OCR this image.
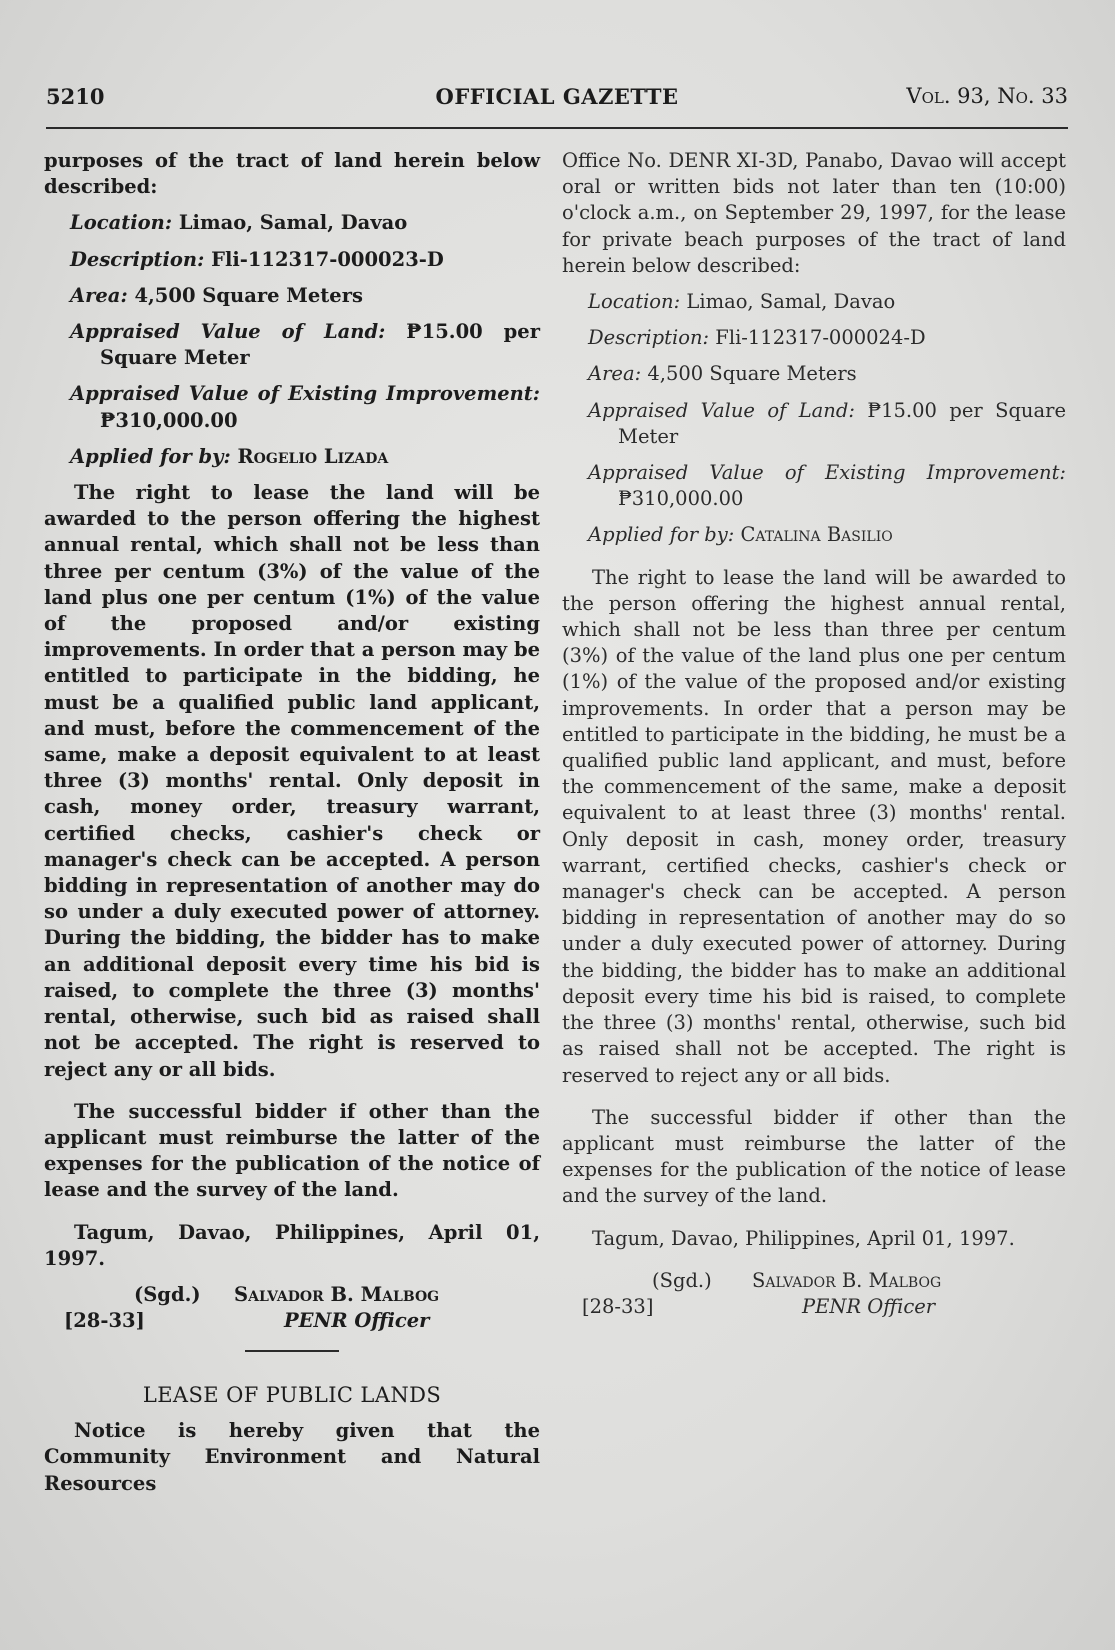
5210	OFFICIAL GAZETTE	Vol. 93, No. 33

purposes of the tract of land herein below described:

Location: Limao, Samal, Davao

Description: Fli-112317-000023-D

Area: 4,500 Square Meters

Appraised Value of Land: ₱15.00 per Square Meter

Appraised Value of Existing Improvement: ₱310,000.00

Applied for by: Rogelio Lizada

The right to lease the land will be awarded to the person offering the highest annual rental, which shall not be less than three per centum (3%) of the value of the land plus one per centum (1%) of the value of the proposed and/or existing improvements. In order that a person may be entitled to participate in the bidding, he must be a qualified public land applicant, and must, before the commencement of the same, make a deposit equivalent to at least three (3) months' rental. Only deposit in cash, money order, treasury warrant, certified checks, cashier's check or manager's check can be accepted. A person bidding in representation of another may do so under a duly executed power of attorney. During the bidding, the bidder has to make an additional deposit every time his bid is raised, to complete the three (3) months' rental, otherwise, such bid as raised shall not be accepted. The right is reserved to reject any or all bids.

The successful bidder if other than the applicant must reimburse the latter of the expenses for the publication of the notice of lease and the survey of the land.

Tagum, Davao, Philippines, April 01, 1997.

(Sgd.) Salvador B. Malbog
[28-33]	PENR Officer
LEASE OF PUBLIC LANDS

Notice is hereby given that the Community Environment and Natural Resources

Office No. DENR XI-3D, Panabo, Davao will accept oral or written bids not later than ten (10:00) o'clock a.m., on September 29, 1997, for the lease for private beach purposes of the tract of land herein below described:

Location: Limao, Samal, Davao

Description: Fli-112317-000024-D

Area: 4,500 Square Meters

Appraised Value of Land: ₱15.00 per Square Meter

Appraised Value of Existing Improvement: ₱310,000.00

Applied for by: Catalina Basilio

The right to lease the land will be awarded to the person offering the highest annual rental, which shall not be less than three per centum (3%) of the value of the land plus one per centum (1%) of the value of the proposed and/or existing improvements. In order that a person may be entitled to participate in the bidding, he must be a qualified public land applicant, and must, before the commencement of the same, make a deposit equivalent to at least three (3) months' rental. Only deposit in cash, money order, treasury warrant, certified checks, cashier's check or manager's check can be accepted. A person bidding in representation of another may do so under a duly executed power of attorney. During the bidding, the bidder has to make an additional deposit every time his bid is raised, to complete the three (3) months' rental, otherwise, such bid as raised shall not be accepted. The right is reserved to reject any or all bids.

The successful bidder if other than the applicant must reimburse the latter of the expenses for the publication of the notice of lease and the survey of the land.

Tagum, Davao, Philippines, April 01, 1997.

(Sgd.) Salvador B. Malbog
[28-33]	PENR Officer
